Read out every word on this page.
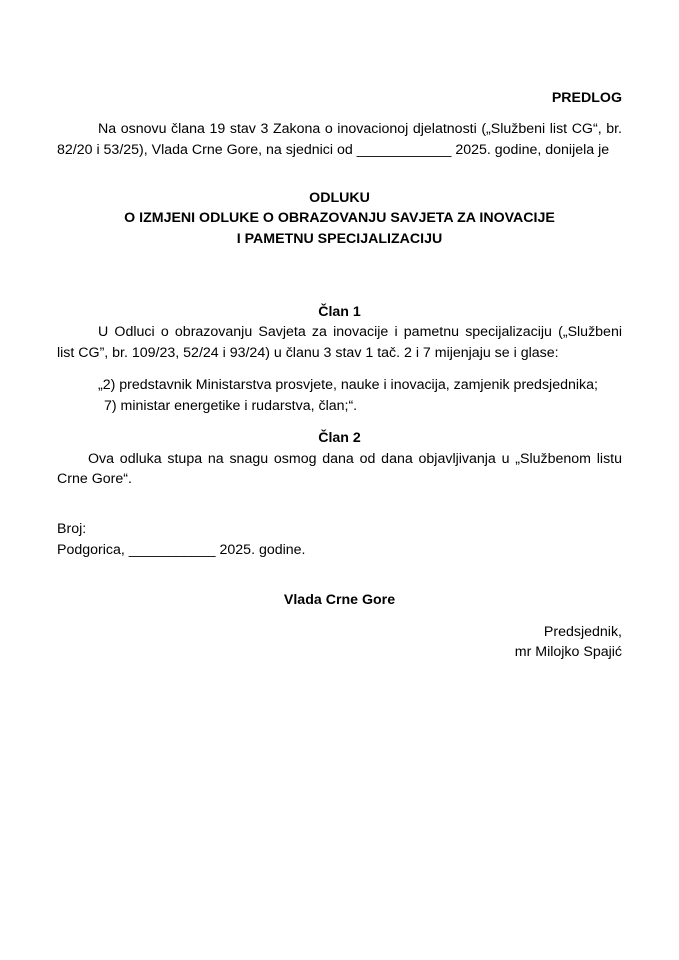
PREDLOG
Na osnovu člana 19 stav 3 Zakona o inovacionoj djelatnosti („Službeni list CG“, br.
82/20 i 53/25), Vlada Crne Gore, na sjednici od ____________ 2025. godine, donijela je
ODLUKU
O IZMJENI ODLUKE O OBRAZOVANJU SAVJETA ZA INOVACIJE
I PAMETNU SPECIJALIZACIJU
Član 1
U Odluci o obrazovanju Savjeta za inovacije i pametnu specijalizaciju („Službeni
list CG”, br. 109/23, 52/24 i 93/24) u članu 3 stav 1 tač. 2 i 7 mijenjaju se i glase:
„2) predstavnik Ministarstva prosvjete, nauke i inovacija, zamjenik predsjednika;
7) ministar energetike i rudarstva, član;“.
Član 2
Ova odluka stupa na snagu osmog dana od dana objavljivanja u „Službenom listu
Crne Gore“.
Broj:
Podgorica, ___________ 2025. godine.
Vlada Crne Gore
Predsjednik,
mr Milojko Spajić
